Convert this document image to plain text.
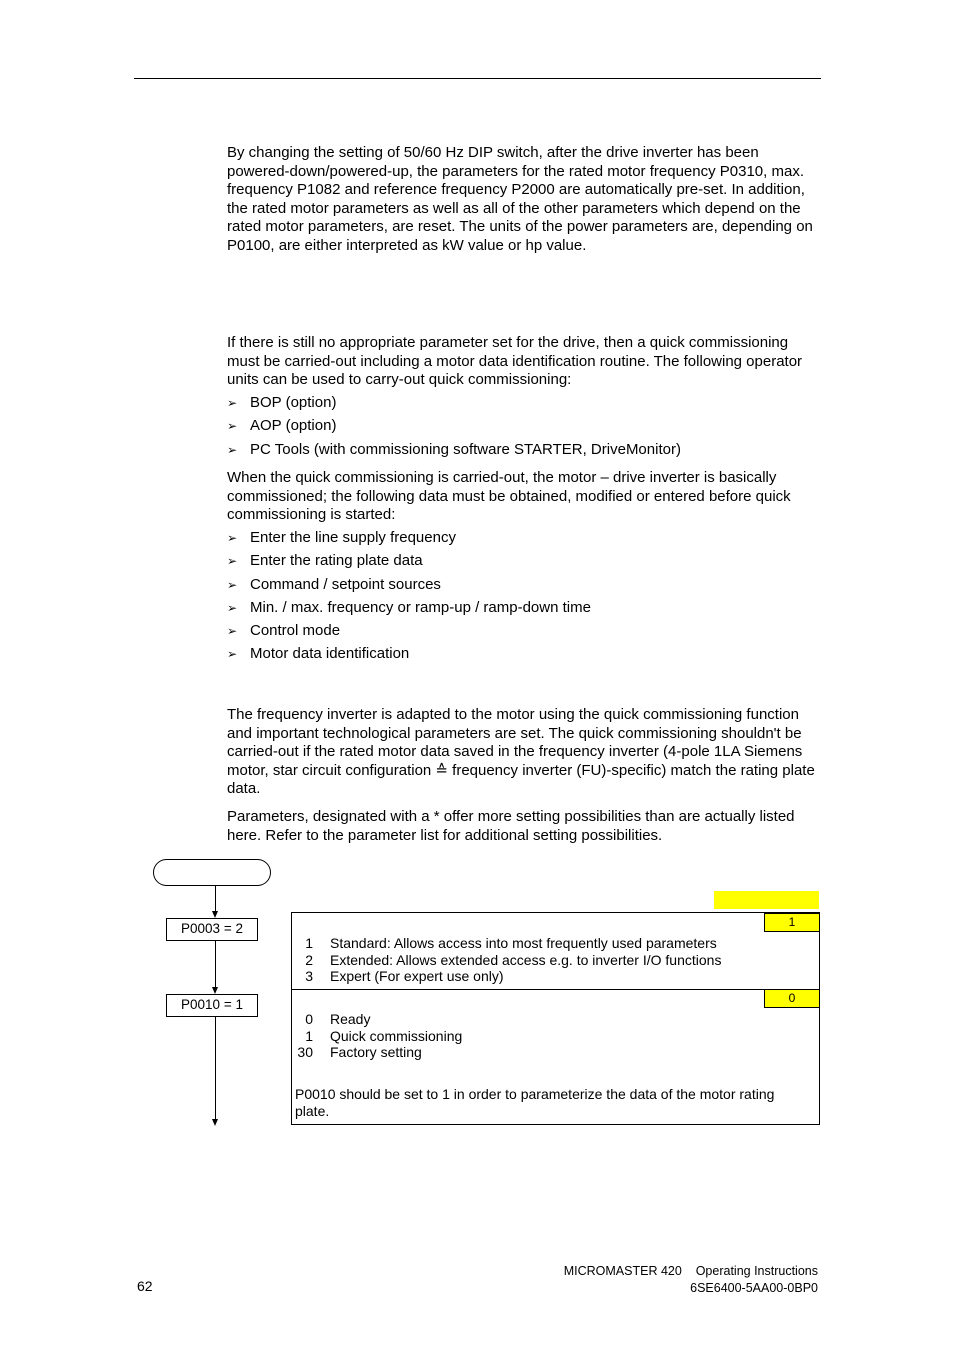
By changing the setting of 50/60 Hz DIP switch, after the drive inverter has been powered-down/powered-up, the parameters for the rated motor frequency P0310, max. frequency P1082 and reference frequency P2000 are automatically pre-set. In addition, the rated motor parameters as well as all of the other parameters which depend on the rated motor parameters, are reset. The units of the power parameters are, depending on P0100, are either interpreted as kW value or hp value.

If there is still no appropriate parameter set for the drive, then a quick commissioning must be carried-out including a motor data identification routine. The following operator units can be used to carry-out quick commissioning:

➢ BOP (option)
➢ AOP (option)
➢ PC Tools (with commissioning software STARTER, DriveMonitor)

When the quick commissioning is carried-out, the motor – drive inverter is basically commissioned; the following data must be obtained, modified or entered before quick commissioning is started:

➢ Enter the line supply frequency
➢ Enter the rating plate data
➢ Command / setpoint sources
➢ Min. / max. frequency or ramp-up / ramp-down time
➢ Control mode
➢ Motor data identification

The frequency inverter is adapted to the motor using the quick commissioning function and important technological parameters are set. The quick commissioning shouldn't be carried-out if the rated motor data saved in the frequency inverter (4-pole 1LA Siemens motor, star circuit configuration ≙ frequency inverter (FU)-specific) match the rating plate data.

Parameters, designated with a * offer more setting possibilities than are actually listed here. Refer to the parameter list for additional setting possibilities.

P0003 = 2
P0010 = 1
1
1 Standard: Allows access into most frequently used parameters
2 Extended: Allows extended access e.g. to inverter I/O functions
3 Expert (For expert use only)
0
0 Ready
1 Quick commissioning
30 Factory setting
P0010 should be set to 1 in order to parameterize the data of the motor rating plate.
62
MICROMASTER 420    Operating Instructions
6SE6400-5AA00-0BP0
